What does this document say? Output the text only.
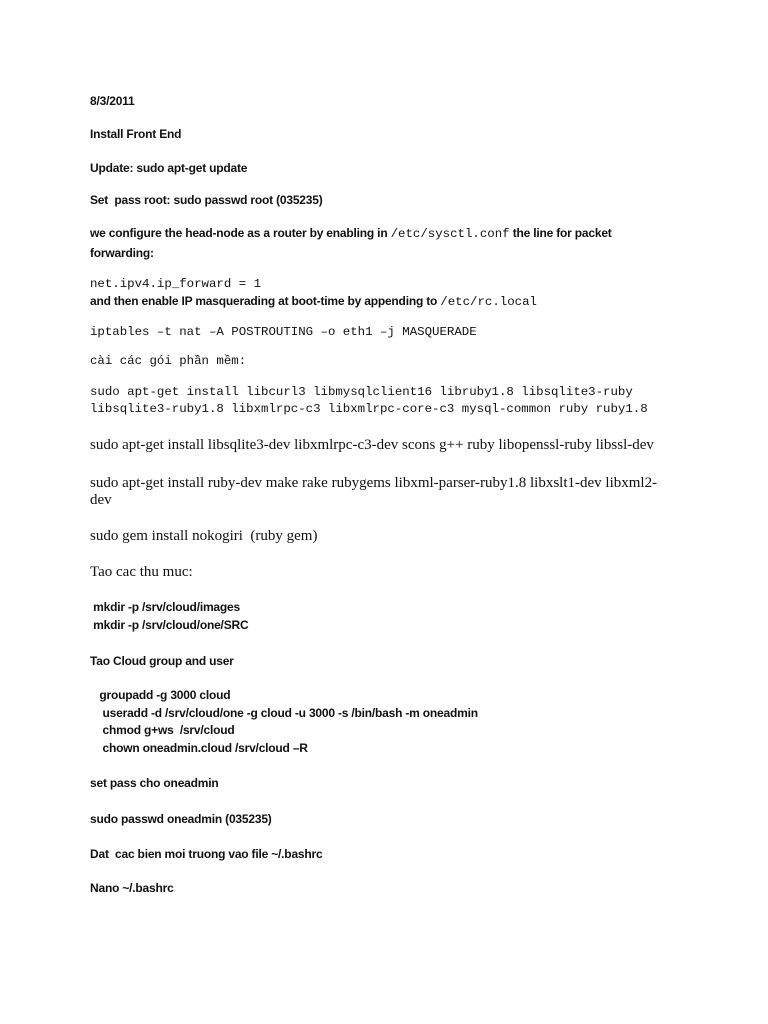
8/3/2011

Install Front End

Update: sudo apt-get update

Set  pass root: sudo passwd root (035235)

we configure the head-node as a router by enabling in /etc/sysctl.conf the line for packet

forwarding:

net.ipv4.ip_forward = 1

and then enable IP masquerading at boot-time by appending to /etc/rc.local

iptables –t nat –A POSTROUTING –o eth1 –j MASQUERADE

cài các gói phần mềm:

sudo apt-get install libcurl3 libmysqlclient16 libruby1.8 libsqlite3-ruby

libsqlite3-ruby1.8 libxmlrpc-c3 libxmlrpc-core-c3 mysql-common ruby ruby1.8

sudo apt-get install libsqlite3-dev libxmlrpc-c3-dev scons g++ ruby libopenssl-ruby libssl-dev

sudo apt-get install ruby-dev make rake rubygems libxml-parser-ruby1.8 libxslt1-dev libxml2-

dev

sudo gem install nokogiri  (ruby gem)

Tao cac thu muc:

mkdir -p /srv/cloud/images

mkdir -p /srv/cloud/one/SRC

Tao Cloud group and user

groupadd -g 3000 cloud

useradd -d /srv/cloud/one -g cloud -u 3000 -s /bin/bash -m oneadmin

chmod g+ws  /srv/cloud

chown oneadmin.cloud /srv/cloud –R

set pass cho oneadmin

sudo passwd oneadmin (035235)

Dat  cac bien moi truong vao file ~/.bashrc

Nano ~/.bashrc
